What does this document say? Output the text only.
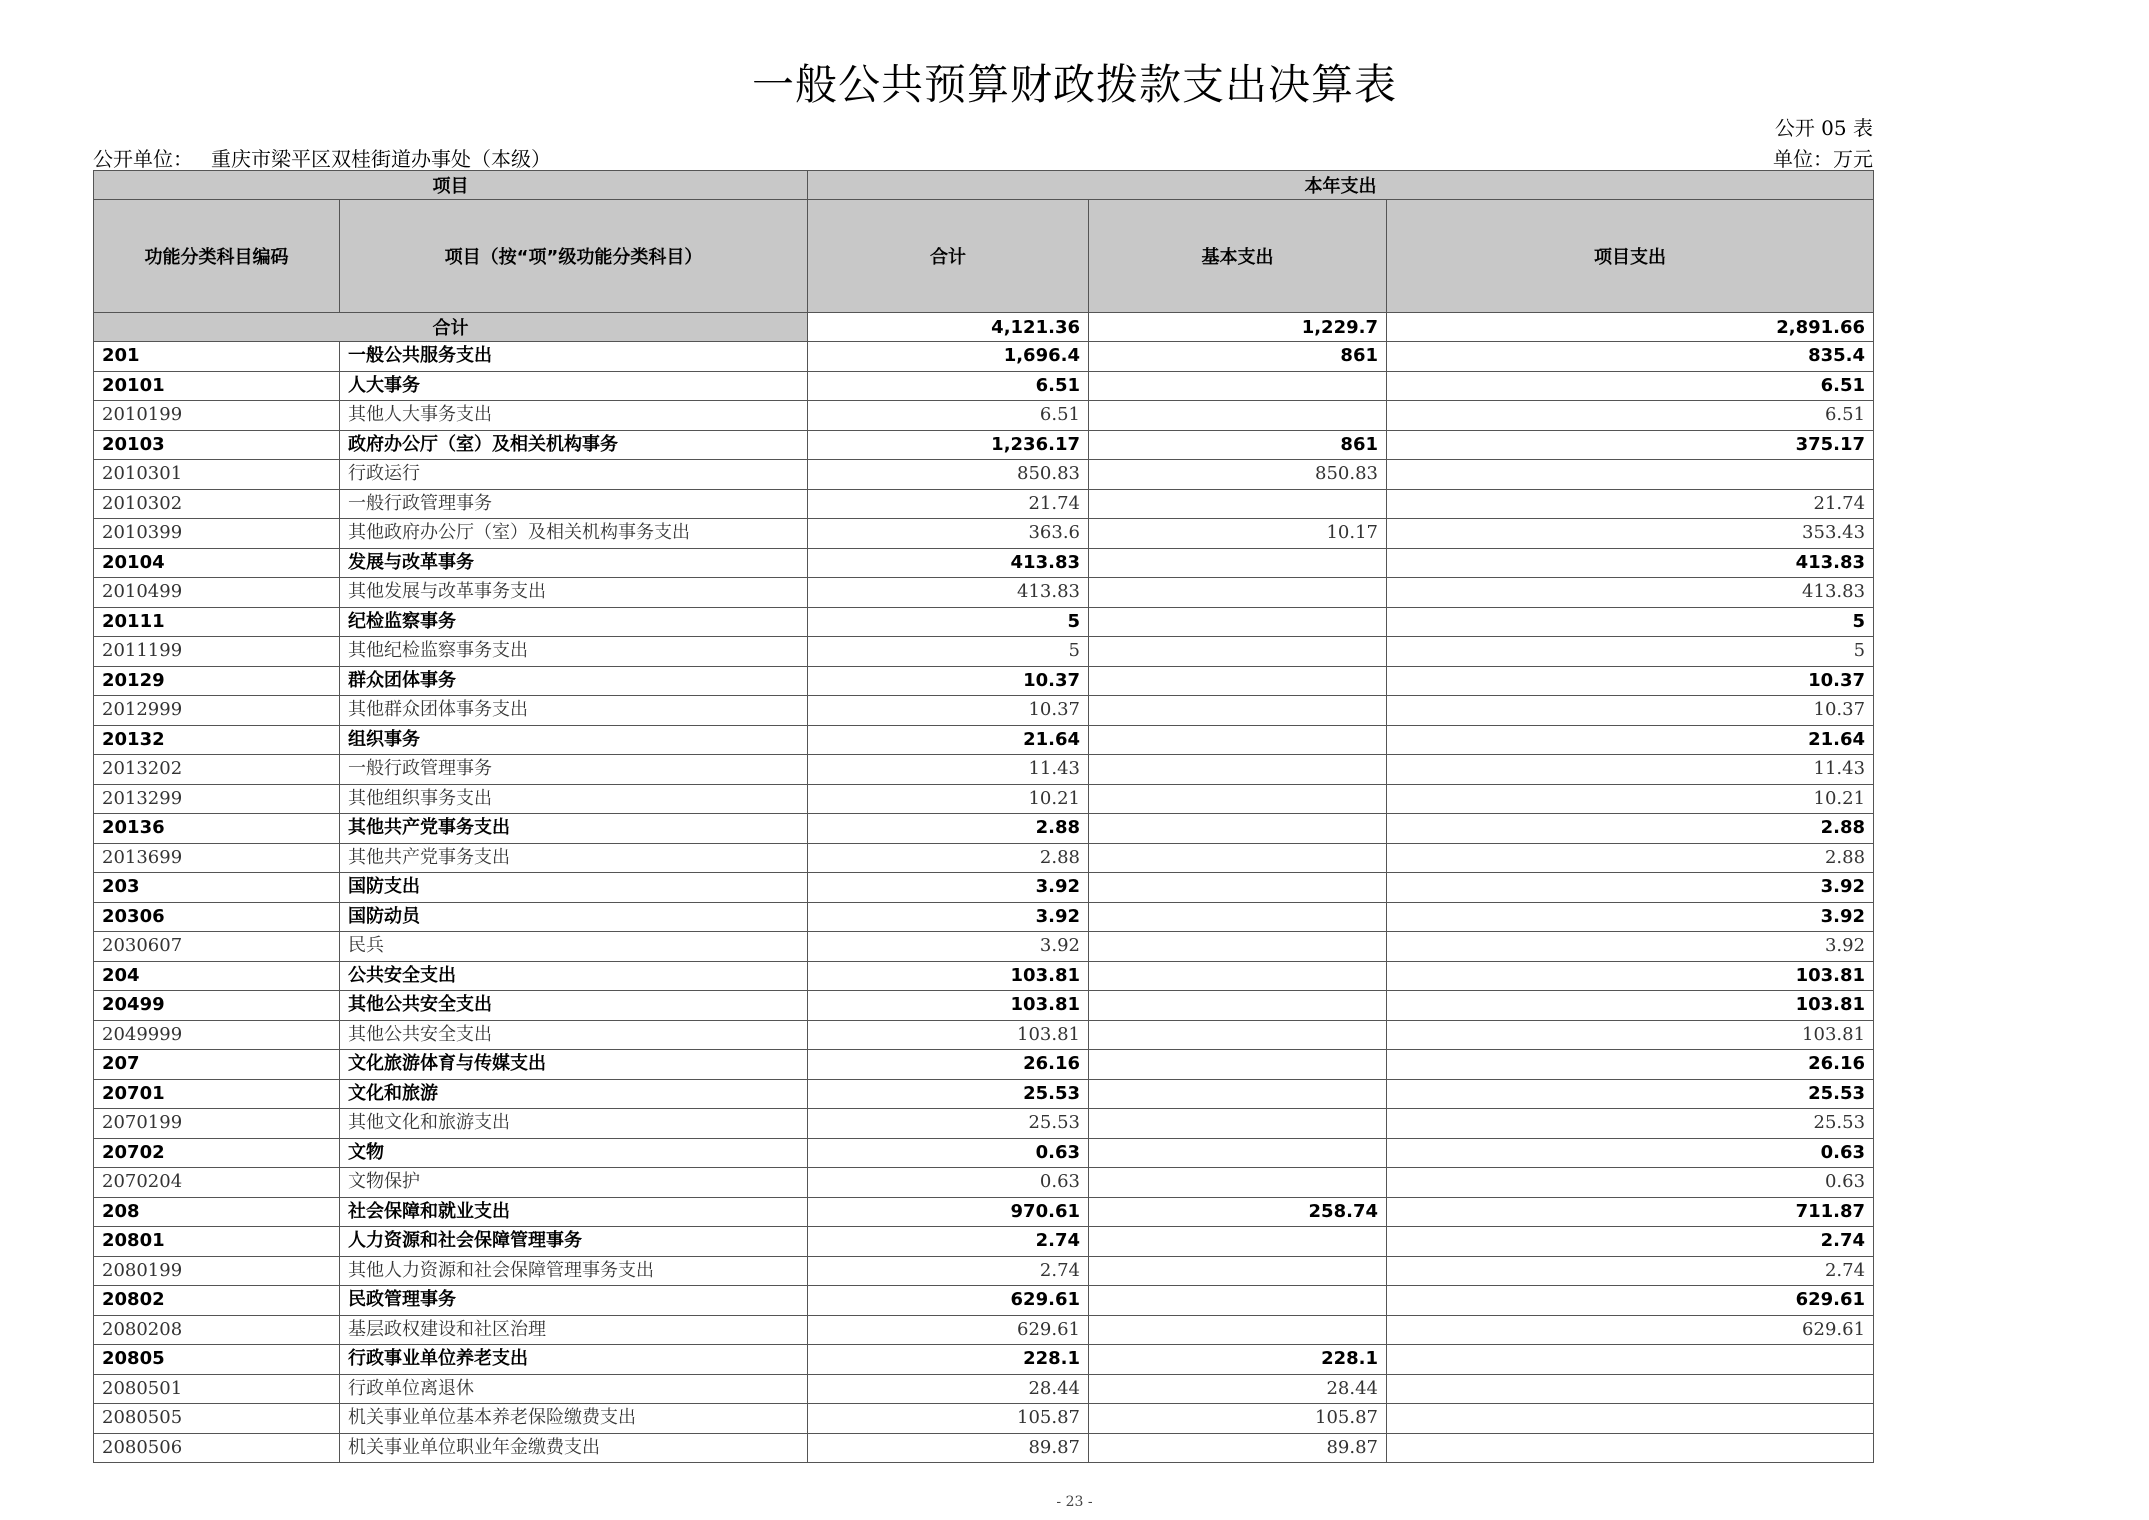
一般公共预算财政拨款支出决算表
公开 05 表
公开单位： 重庆市梁平区双桂街道办事处（本级）	单位：万元
项目		本年支出		
功能分类科目编码	项目（按“项”级功能分类科目）	合计	基本支出	项目支出
合计		4,121.36	1,229.7	2,891.66
201	一般公共服务支出	1,696.4	861	835.4
20101	人大事务	6.51		6.51
2010199	其他人大事务支出	6.51		6.51
20103	政府办公厅（室）及相关机构事务	1,236.17	861	375.17
2010301	行政运行	850.83	850.83	
2010302	一般行政管理事务	21.74		21.74
2010399	其他政府办公厅（室）及相关机构事务支出	363.6	10.17	353.43
20104	发展与改革事务	413.83		413.83
2010499	其他发展与改革事务支出	413.83		413.83
20111	纪检监察事务	5		5
2011199	其他纪检监察事务支出	5		5
20129	群众团体事务	10.37		10.37
2012999	其他群众团体事务支出	10.37		10.37
20132	组织事务	21.64		21.64
2013202	一般行政管理事务	11.43		11.43
2013299	其他组织事务支出	10.21		10.21
20136	其他共产党事务支出	2.88		2.88
2013699	其他共产党事务支出	2.88		2.88
203	国防支出	3.92		3.92
20306	国防动员	3.92		3.92
2030607	民兵	3.92		3.92
204	公共安全支出	103.81		103.81
20499	其他公共安全支出	103.81		103.81
2049999	其他公共安全支出	103.81		103.81
207	文化旅游体育与传媒支出	26.16		26.16
20701	文化和旅游	25.53		25.53
2070199	其他文化和旅游支出	25.53		25.53
20702	文物	0.63		0.63
2070204	文物保护	0.63		0.63
208	社会保障和就业支出	970.61	258.74	711.87
20801	人力资源和社会保障管理事务	2.74		2.74
2080199	其他人力资源和社会保障管理事务支出	2.74		2.74
20802	民政管理事务	629.61		629.61
2080208	基层政权建设和社区治理	629.61		629.61
20805	行政事业单位养老支出	228.1	228.1	
2080501	行政单位离退休	28.44	28.44	
2080505	机关事业单位基本养老保险缴费支出	105.87	105.87	
2080506	机关事业单位职业年金缴费支出	89.87	89.87	
- 23 -
